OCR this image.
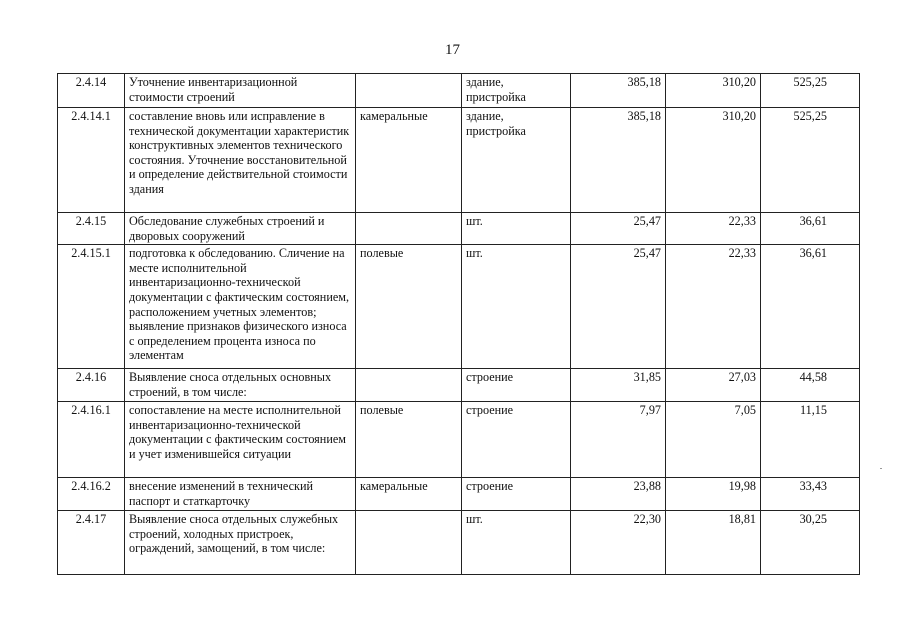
17
2.4.14	Уточнение инвентаризационной стоимости строений		здание, пристройка	385,18	310,20	525,25
2.4.14.1	составление вновь или исправление в технической документации характеристик конструктивных элементов технического состояния. Уточнение восстановительной и определение действительной стоимости здания	камеральные	здание, пристройка	385,18	310,20	525,25
2.4.15	Обследование служебных строений и дворовых сооружений		шт.	25,47	22,33	36,61
2.4.15.1	подготовка к обследованию. Сличение на месте исполнительной инвентаризационно-технической документации с фактическим состоянием, расположением учетных элементов; выявление признаков физического износа с определением процента износа по элементам	полевые	шт.	25,47	22,33	36,61
2.4.16	Выявление сноса отдельных основных строений, в том числе:		строение	31,85	27,03	44,58
2.4.16.1	сопоставление на месте исполнительной инвентаризационно-технической документации с фактическим состоянием и учет изменившейся ситуации	полевые	строение	7,97	7,05	11,15
2.4.16.2	внесение изменений в технический паспорт и статкарточку	камеральные	строение	23,88	19,98	33,43
2.4.17	Выявление сноса отдельных служебных строений, холодных пристроек, ограждений, замощений, в том числе:		шт.	22,30	18,81	30,25
